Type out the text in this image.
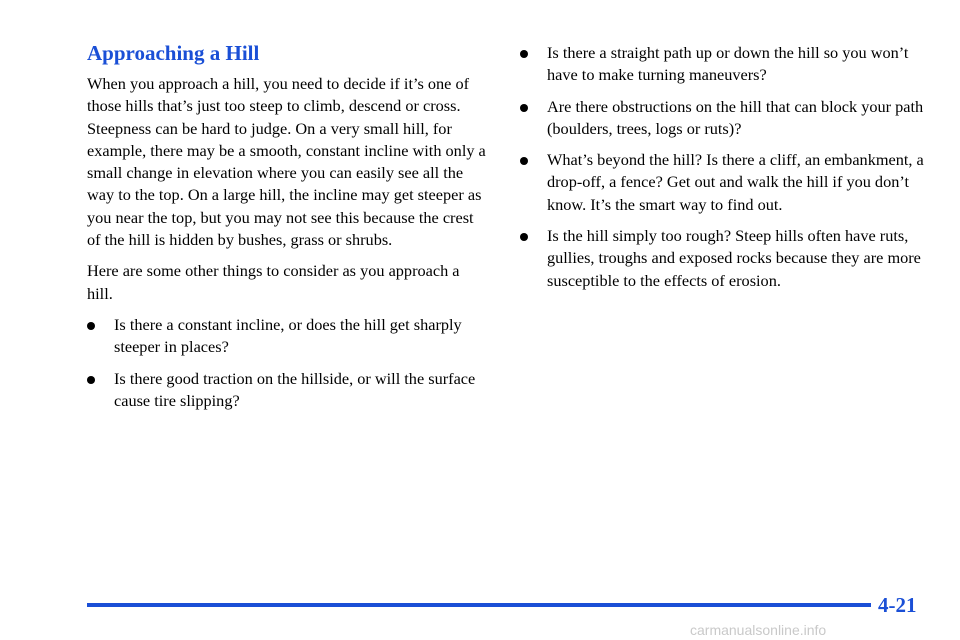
Approaching a Hill

When you approach a hill, you need to decide if it’s one of those hills that’s just too steep to climb, descend or cross. Steepness can be hard to judge. On a very small hill, for example, there may be a smooth, constant incline with only a small change in elevation where you can easily see all the way to the top. On a large hill, the incline may get steeper as you near the top, but you may not see this because the crest of the hill is hidden by bushes, grass or shrubs.

Here are some other things to consider as you approach a hill.

Is there a constant incline, or does the hill get sharply steeper in places?
Is there good traction on the hillside, or will the surface cause tire slipping?
Is there a straight path up or down the hill so you won’t have to make turning maneuvers?
Are there obstructions on the hill that can block your path (boulders, trees, logs or ruts)?
What’s beyond the hill? Is there a cliff, an embankment, a drop-off, a fence? Get out and walk the hill if you don’t know. It’s the smart way to find out.
Is the hill simply too rough? Steep hills often have ruts, gullies, troughs and exposed rocks because they are more susceptible to the effects of erosion.
4-21
carmanualsonline.info
